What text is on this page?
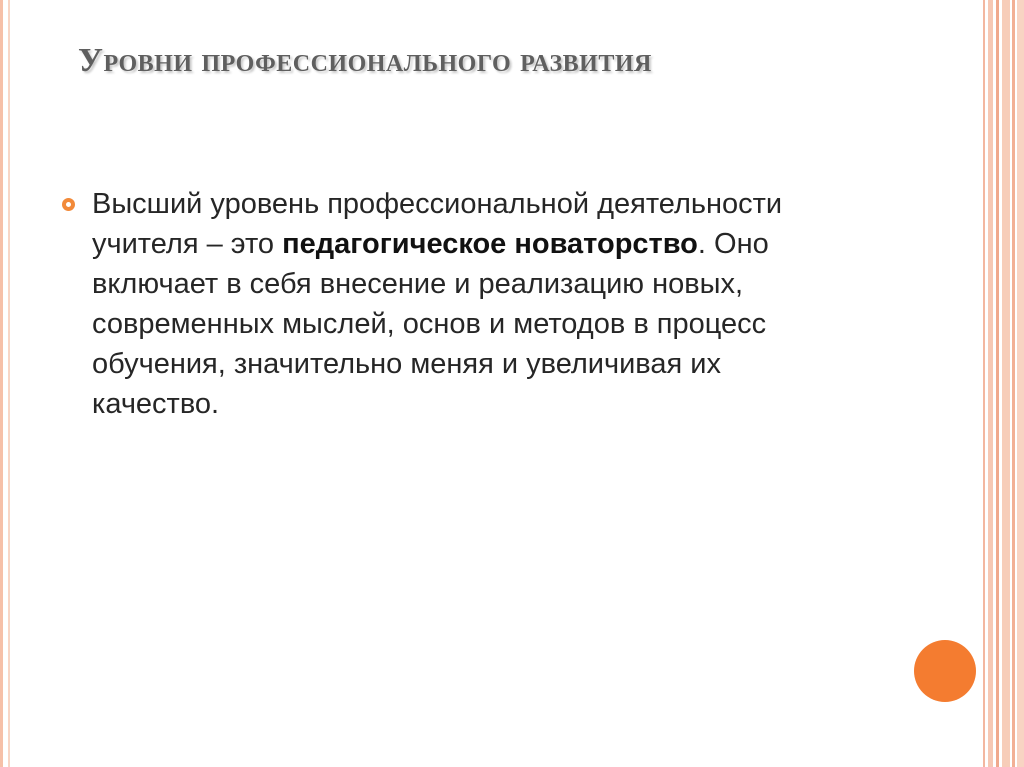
Уровни профессионального развития
Высший уровень профессиональной деятельности учителя – это педагогическое новаторство. Оно включает в себя внесение и реализацию новых, современных мыслей, основ и методов в процесс обучения, значительно меняя и увеличивая их качество.
